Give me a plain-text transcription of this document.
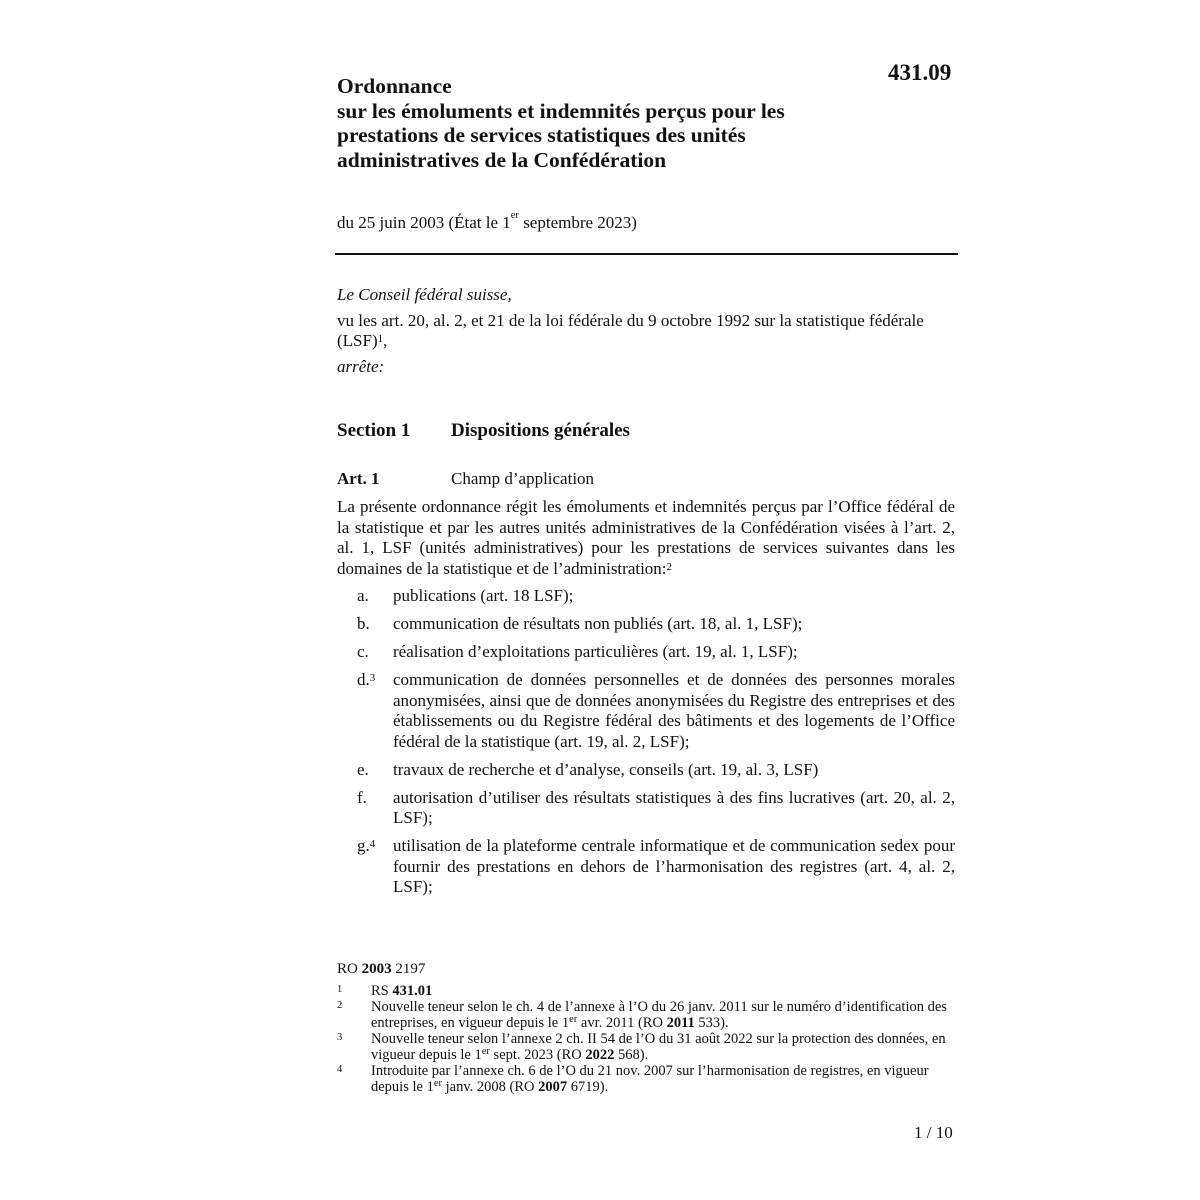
431.09
Ordonnance
sur les émoluments et indemnités perçus pour les
prestations de services statistiques des unités
administratives de la Confédération
du 25 juin 2003 (État le 1er septembre 2023)
Le Conseil fédéral suisse,
vu les art. 20, al. 2, et 21 de la loi fédérale du 9 octobre 1992 sur la statistique fédérale (LSF)$^1$,
arrête:
Section 1 Dispositions générales
Art. 1	Champ d’application
La présente ordonnance régit les émoluments et indemnités perçus par l’Office fédéral de la statistique et par les autres unités administratives de la Confédération visées à l’art. 2, al. 1, LSF (unités administratives) pour les prestations de services suivantes dans les domaines de la statistique et de l’administration:$^2$
a.	publications (art. 18 LSF);
b.	communication de résultats non publiés (art. 18, al. 1, LSF);
c.	réalisation d’exploitations particulières (art. 19, al. 1, LSF);
d.$^3$	communication de données personnelles et de données des personnes morales anonymisées, ainsi que de données anonymisées du Registre des entreprises et des établissements ou du Registre fédéral des bâtiments et des logements de l’Office fédéral de la statistique (art. 19, al. 2, LSF);
e.	travaux de recherche et d’analyse, conseils (art. 19, al. 3, LSF)
f.	autorisation d’utiliser des résultats statistiques à des fins lucratives (art. 20, al. 2, LSF);
g.$^4$	utilisation de la plateforme centrale informatique et de communication sedex pour fournir des prestations en dehors de l’harmonisation des registres (art. 4, al. 2, LSF);
RO 2003 2197
1	RS 431.01
2	Nouvelle teneur selon le ch. 4 de l’annexe à l’O du 26 janv. 2011 sur le numéro d’identification des entreprises, en vigueur depuis le 1er avr. 2011 (RO 2011 533).
3	Nouvelle teneur selon l’annexe 2 ch. II 54 de l’O du 31 août 2022 sur la protection des données, en vigueur depuis le 1er sept. 2023 (RO 2022 568).
4	Introduite par l’annexe ch. 6 de l’O du 21 nov. 2007 sur l’harmonisation de registres, en vigueur depuis le 1er janv. 2008 (RO 2007 6719).
1 / 10
